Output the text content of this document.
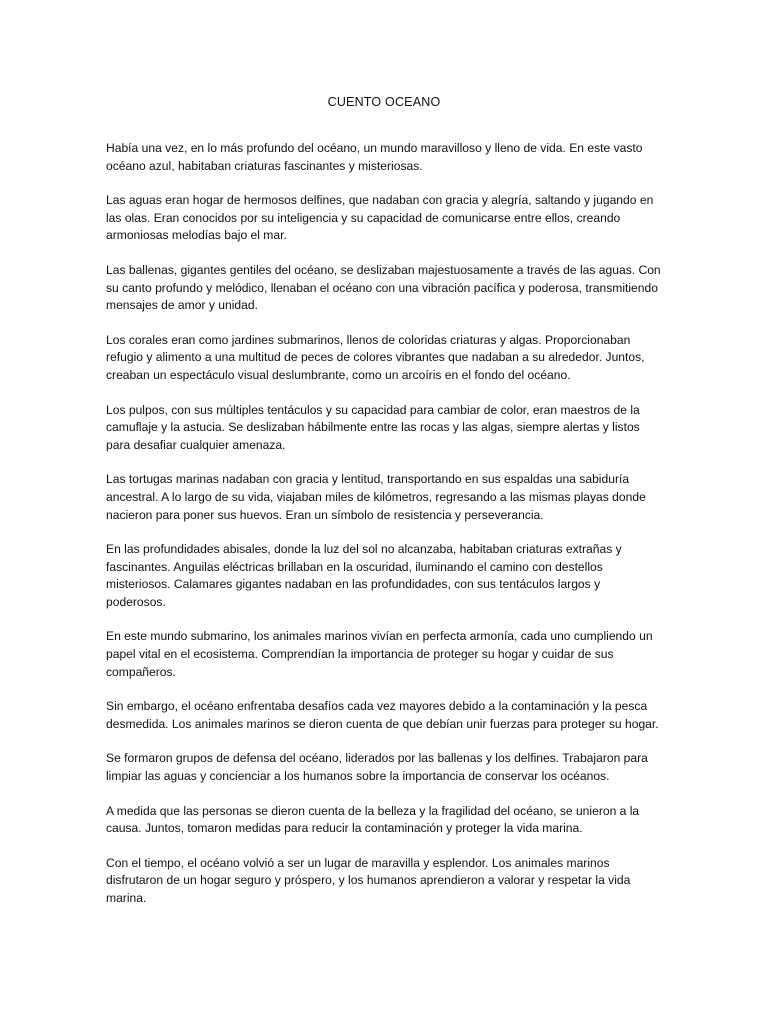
CUENTO OCEANO

Había una vez, en lo más profundo del océano, un mundo maravilloso y lleno de vida. En este vasto océano azul, habitaban criaturas fascinantes y misteriosas.

Las aguas eran hogar de hermosos delfines, que nadaban con gracia y alegría, saltando y jugando en las olas. Eran conocidos por su inteligencia y su capacidad de comunicarse entre ellos, creando armoniosas melodías bajo el mar.

Las ballenas, gigantes gentiles del océano, se deslizaban majestuosamente a través de las aguas. Con su canto profundo y melódico, llenaban el océano con una vibración pacífica y poderosa, transmitiendo mensajes de amor y unidad.

Los corales eran como jardines submarinos, llenos de coloridas criaturas y algas. Proporcionaban refugio y alimento a una multitud de peces de colores vibrantes que nadaban a su alrededor. Juntos, creaban un espectáculo visual deslumbrante, como un arcoíris en el fondo del océano.

Los pulpos, con sus múltiples tentáculos y su capacidad para cambiar de color, eran maestros de la camuflaje y la astucia. Se deslizaban hábilmente entre las rocas y las algas, siempre alertas y listos para desafiar cualquier amenaza.

Las tortugas marinas nadaban con gracia y lentitud, transportando en sus espaldas una sabiduría ancestral. A lo largo de su vida, viajaban miles de kilómetros, regresando a las mismas playas donde nacieron para poner sus huevos. Eran un símbolo de resistencia y perseverancia.

En las profundidades abisales, donde la luz del sol no alcanzaba, habitaban criaturas extrañas y fascinantes. Anguilas eléctricas brillaban en la oscuridad, iluminando el camino con destellos misteriosos. Calamares gigantes nadaban en las profundidades, con sus tentáculos largos y poderosos.

En este mundo submarino, los animales marinos vivían en perfecta armonía, cada uno cumpliendo un papel vital en el ecosistema. Comprendían la importancia de proteger su hogar y cuidar de sus compañeros.

Sin embargo, el océano enfrentaba desafíos cada vez mayores debido a la contaminación y la pesca desmedida. Los animales marinos se dieron cuenta de que debían unir fuerzas para proteger su hogar.

Se formaron grupos de defensa del océano, liderados por las ballenas y los delfines. Trabajaron para limpiar las aguas y concienciar a los humanos sobre la importancia de conservar los océanos.

A medida que las personas se dieron cuenta de la belleza y la fragilidad del océano, se unieron a la causa. Juntos, tomaron medidas para reducir la contaminación y proteger la vida marina.

Con el tiempo, el océano volvió a ser un lugar de maravilla y esplendor. Los animales marinos disfrutaron de un hogar seguro y próspero, y los humanos aprendieron a valorar y respetar la vida marina.
